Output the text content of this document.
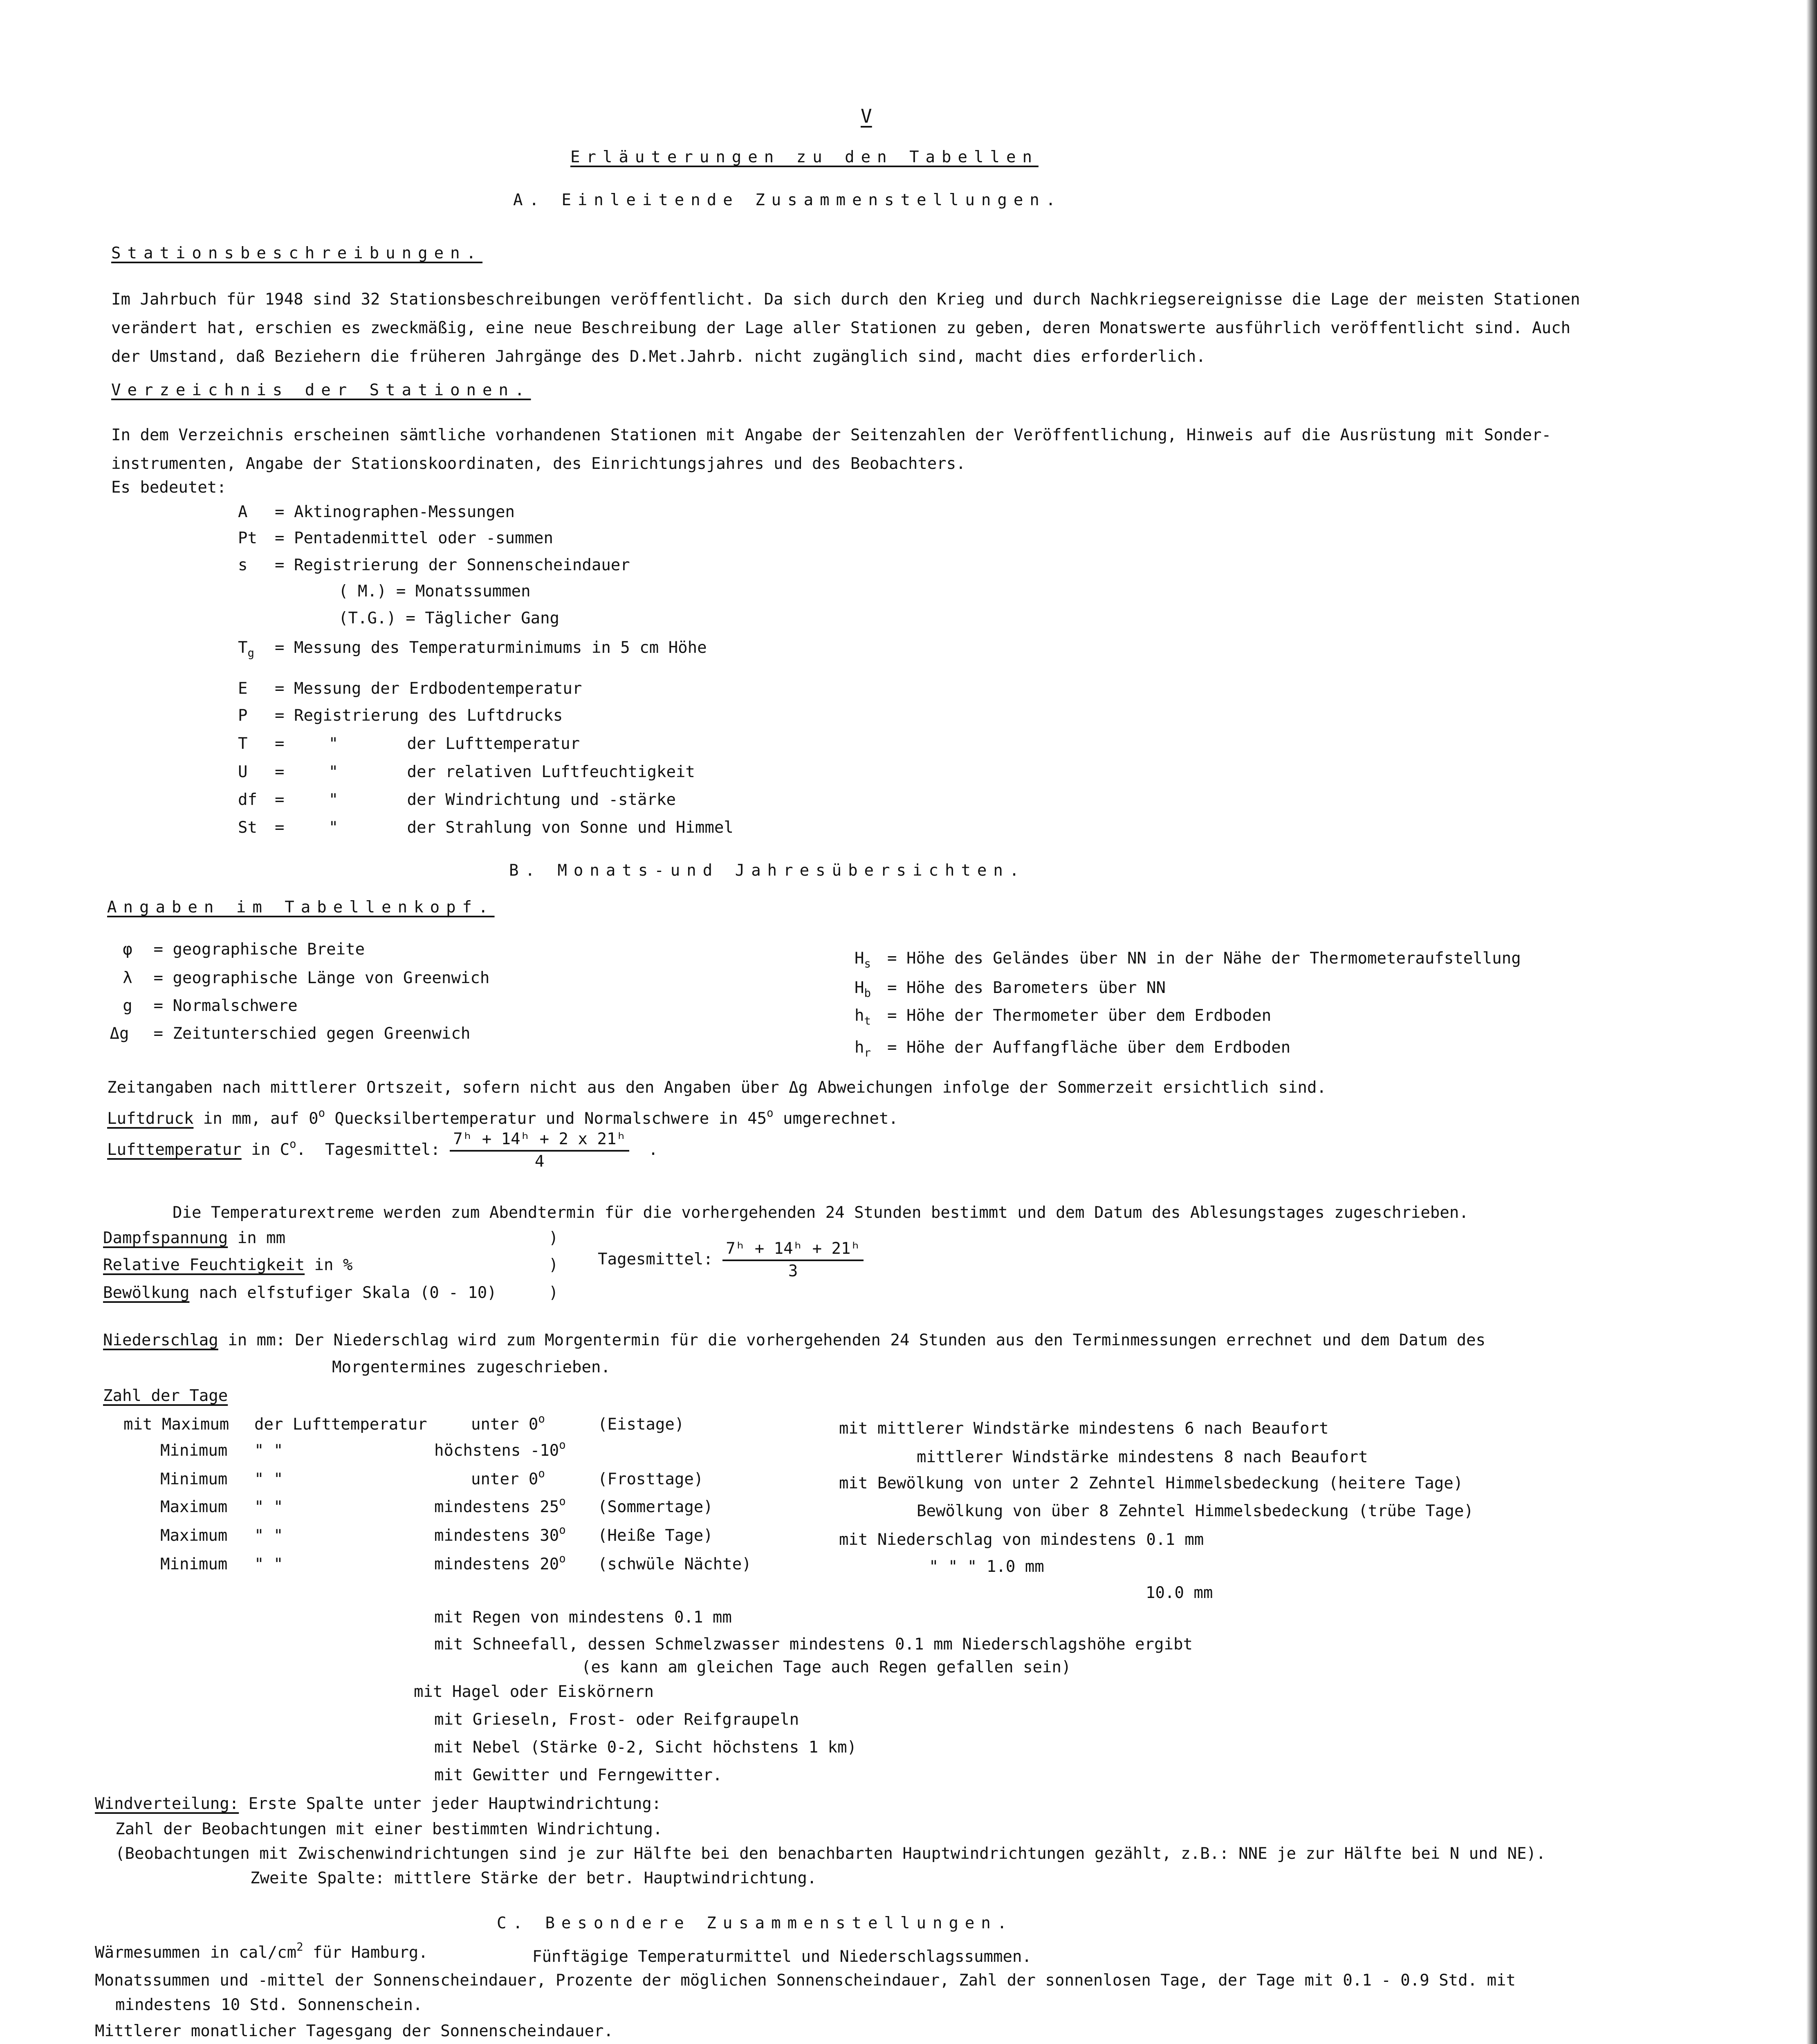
V
Erläuterungen zu den Tabellen
A. Einleitende Zusammenstellungen.
Stationsbeschreibungen.
Im Jahrbuch für 1948 sind 32 Stationsbeschreibungen veröffentlicht. Da sich durch den Krieg und durch Nachkriegsereignisse die Lage der meisten Stationen
verändert hat, erschien es zweckmäßig, eine neue Beschreibung der Lage aller Stationen zu geben, deren Monatswerte ausführlich veröffentlicht sind. Auch
der Umstand, daß Beziehern die früheren Jahrgänge des D.Met.Jahrb. nicht zugänglich sind, macht dies erforderlich.
Verzeichnis der Stationen.
In dem Verzeichnis erscheinen sämtliche vorhandenen Stationen mit Angabe der Seitenzahlen der Veröffentlichung, Hinweis auf die Ausrüstung mit Sonder-
instrumenten, Angabe der Stationskoordinaten, des Einrichtungsjahres und des Beobachters.
Es bedeutet:
A = Aktinographen-Messungen
Pt = Pentadenmittel oder -summen
s = Registrierung der Sonnenscheindauer
( M.) = Monatssummen
(T.G.) = Täglicher Gang
$T_g$ = Messung des Temperaturminimums in 5 cm Höhe
E = Messung der Erdbodentemperatur
P = Registrierung des Luftdrucks
T =	"	der Lufttemperatur
U =	"	der relativen Luftfeuchtigkeit
df =	"	der Windrichtung und -stärke
St =	"	der Strahlung von Sonne und Himmel
B. Monats-und Jahresübersichten.
Angaben im Tabellenkopf.
φ = geographische Breite
λ = geographische Länge von Greenwich
g = Normalschwere
Δg = Zeitunterschied gegen Greenwich
$H_s$ = Höhe des Geländes über NN in der Nähe der Thermometeraufstellung
$H_b$ = Höhe des Barometers über NN
$h_t$ = Höhe der Thermometer über dem Erdboden
$h_r$ = Höhe der Auffangfläche über dem Erdboden
Zeitangaben nach mittlerer Ortszeit, sofern nicht aus den Angaben über Δg Abweichungen infolge der Sommerzeit ersichtlich sind.
Luftdruck in mm, auf 0$^o$ Quecksilbertemperatur und Normalschwere in 45$^o$ umgerechnet.
Lufttemperatur in $C^o$.  Tagesmittel: $\frac{\text{7ʰ + 14ʰ + 2 x 21ʰ}}{4}$ .
Die Temperaturextreme werden zum Abendtermin für die vorhergehenden 24 Stunden bestimmt und dem Datum des Ablesungstages zugeschrieben.
Dampfspannung in mm
Relative Feuchtigkeit in %
Bewölkung nach elfstufiger Skala (0 - 10)
)
)
)
Tagesmittel: $\frac{\text{7ʰ + 14ʰ + 21ʰ}}{3}$
Niederschlag in mm: Der Niederschlag wird zum Morgentermin für die vorhergehenden 24 Stunden aus den Terminmessungen errechnet und dem Datum des
Morgentermines zugeschrieben.
Zahl der Tage
mit Maximum der Lufttemperatur	unter 0$^o$	(Eistage)
Minimum " "	höchstens -10$^o$
Minimum " "	unter 0$^o$	(Frosttage)
Maximum " "	mindestens 25$^o$ (Sommertage)
Maximum " "	mindestens 30$^o$ (Heiße Tage)
Minimum " "	mindestens 20$^o$ (schwüle Nächte)
mit mittlerer Windstärke mindestens 6 nach Beaufort
mittlerer Windstärke mindestens 8 nach Beaufort
mit Bewölkung von unter 2 Zehntel Himmelsbedeckung (heitere Tage)
Bewölkung von über 8 Zehntel Himmelsbedeckung (trübe Tage)
mit Niederschlag von mindestens 0.1 mm
" " " 1.0 mm
10.0 mm
mit Regen von mindestens 0.1 mm
mit Schneefall, dessen Schmelzwasser mindestens 0.1 mm Niederschlagshöhe ergibt
(es kann am gleichen Tage auch Regen gefallen sein)
mit Hagel oder Eiskörnern
mit Grieseln, Frost- oder Reifgraupeln
mit Nebel (Stärke 0-2, Sicht höchstens 1 km)
mit Gewitter und Ferngewitter.
Windverteilung: Erste Spalte unter jeder Hauptwindrichtung:
Zahl der Beobachtungen mit einer bestimmten Windrichtung.
(Beobachtungen mit Zwischenwindrichtungen sind je zur Hälfte bei den benachbarten Hauptwindrichtungen gezählt, z.B.: NNE je zur Hälfte bei N und NE).
Zweite Spalte: mittlere Stärke der betr. Hauptwindrichtung.
C. Besondere Zusammenstellungen.
Wärmesummen in cal/$cm^2$ für Hamburg.	Fünftägige Temperaturmittel und Niederschlagssummen.
Monatssummen und -mittel der Sonnenscheindauer, Prozente der möglichen Sonnenscheindauer, Zahl der sonnenlosen Tage, der Tage mit 0.1 - 0.9 Std. mit
mindestens 10 Std. Sonnenschein.
Mittlerer monatlicher Tagesgang der Sonnenscheindauer.
